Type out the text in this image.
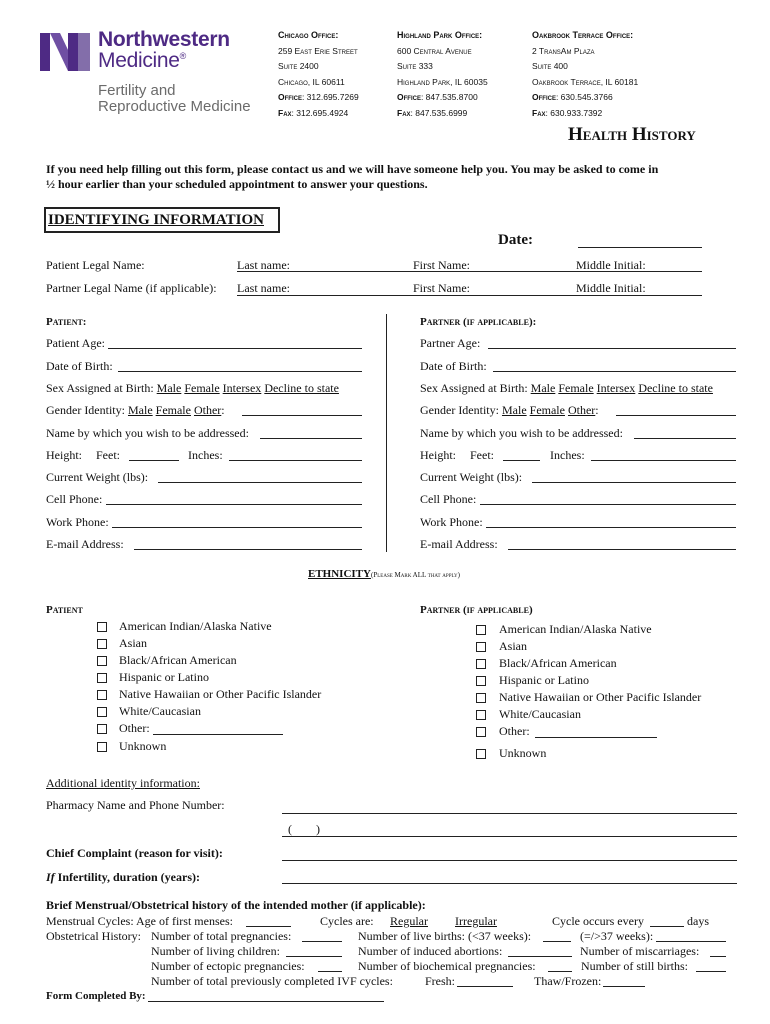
Northwestern
Medicine®
Fertility and
Reproductive Medicine
Chicago Office:
259 East Erie Street
Suite 2400
Chicago, IL 60611
Office: 312.695.7269
Fax: 312.695.4924
Highland Park Office:
600 Central Avenue
Suite 333
Highland Park, IL 60035
Office: 847.535.8700
Fax: 847.535.6999
Oakbrook Terrace Office:
2 TransAm Plaza
Suite 400
Oakbrook Terrace, IL 60181
Office: 630.545.3766
Fax: 630.933.7392
Health History
If you need help filling out this form, please contact us and we will have someone help you. You may be asked to come in
½ hour earlier than your scheduled appointment to answer your questions.
IDENTIFYING INFORMATION
Date:
Patient Legal Name:	Last name:	First Name:	Middle Initial:
Partner Legal Name (if applicable): Last name:	First Name:	Middle Initial:
Patient:	Partner (if applicable):
Patient Age:
Date of Birth:
Sex Assigned at Birth: Male Female Intersex Decline to state
Gender Identity: Male Female Other:
Name by which you wish to be addressed:
Height: Feet:	Inches:
Current Weight (lbs):
Cell Phone:
Work Phone:
E-mail Address:
Partner Age:
Date of Birth:
Sex Assigned at Birth: Male Female Intersex Decline to state
Gender Identity: Male Female Other:
Name by which you wish to be addressed:
Height: Feet:	Inches:
Current Weight (lbs):
Cell Phone:
Work Phone:
E-mail Address:
ETHNICITY (Please Mark ALL that apply)
Patient	Partner (if applicable)
American Indian/Alaska Native
Asian
Black/African American
Hispanic or Latino
Native Hawaiian or Other Pacific Islander
White/Caucasian
Other:
Unknown
American Indian/Alaska Native
Asian
Black/African American
Hispanic or Latino
Native Hawaiian or Other Pacific Islander
White/Caucasian
Other:
Unknown
Additional identity information:
Pharmacy Name and Phone Number:
(        )
Chief Complaint (reason for visit):
If Infertility, duration (years):
Brief Menstrual/Obstetrical history of the intended mother (if applicable):
Menstrual Cycles: Age of first menses:	Cycles are: Regular Irregular	Cycle occurs every	days
Obstetrical History: Number of total pregnancies:	Number of live births: (<37 weeks):	(=/>37 weeks):
Number of living children:	Number of induced abortions:	Number of miscarriages:
Number of ectopic pregnancies:	Number of biochemical pregnancies:	Number of still births:
Number of total previously completed IVF cycles:	Fresh:	Thaw/Frozen:
Form Completed By:
